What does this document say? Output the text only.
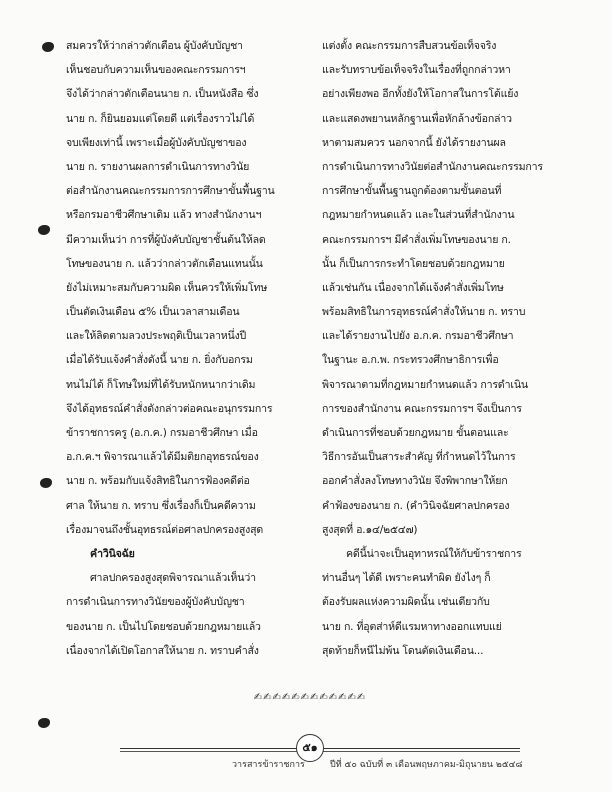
สมควรให้ว่ากล่าวตักเตือน ผู้บังคับบัญชา
เห็นชอบกับความเห็นของคณะกรรมการฯ
จึงได้ว่ากล่าวตักเตือนนาย ก. เป็นหนังสือ ซึ่ง
นาย ก. ก็ยินยอมแต่โดยดี แต่เรื่องราวไม่ได้
จบเพียงเท่านี้ เพราะเมื่อผู้บังคับบัญชาของ
นาย ก. รายงานผลการดำเนินการทางวินัย
ต่อสำนักงานคณะกรรมการการศึกษาขั้นพื้นฐาน
หรือกรมอาชีวศึกษาเดิม แล้ว ทางสำนักงานฯ
มีความเห็นว่า การที่ผู้บังคับบัญชาชั้นต้นให้ลด
โทษของนาย ก. แล้วว่ากล่าวตักเตือนแทนนั้น
ยังไม่เหมาะสมกับความผิด เห็นควรให้เพิ่มโทษ
เป็นตัดเงินเดือน ๕% เป็นเวลาสามเดือน
และให้ลิดตามลวงประพฤติเป็นเวลาหนึ่งปี
เมื่อได้รับแจ้งคำสั่งดังนี้ นาย ก. ยิ่งกับอกรม
ทนไม่ได้ ก็โทษใหม่ที่ได้รับหนักหนากว่าเดิม
จึงได้อุทธรณ์คำสั่งดังกล่าวต่อคณะอนุกรรมการ
ข้าราชการครู (อ.ก.ค.) กรมอาชีวศึกษา เมื่อ
อ.ก.ค.ฯ พิจารณาแล้วได้มีมติยกอุทธรณ์ของ
นาย ก. พร้อมกับแจ้งสิทธิในการฟ้องคดีต่อ
ศาล ให้นาย ก. ทราบ ซึ่งเรื่องก็เป็นคดีความ
เรื่องมาจนถึงชั้นอุทธรณ์ต่อศาลปกครองสูงสุด
คำวินิจฉัย
ศาลปกครองสูงสุดพิจารณาแล้วเห็นว่า
การดำเนินการทางวินัยของผู้บังคับบัญชา
ของนาย ก. เป็นไปโดยชอบด้วยกฎหมายแล้ว
เนื่องจากได้เปิดโอกาสให้นาย ก. ทราบคำสั่ง
แต่งตั้ง คณะกรรมการสืบสวนข้อเท็จจริง
และรับทราบข้อเท็จจริงในเรื่องที่ถูกกล่าวหา
อย่างเพียงพอ อีกทั้งยังให้โอกาสในการโต้แย้ง
และแสดงพยานหลักฐานเพื่อหักล้างข้อกล่าว
หาตามสมควร นอกจากนี้ ยังได้รายงานผล
การดำเนินการทางวินัยต่อสำนักงานคณะกรรมการ
การศึกษาขั้นพื้นฐานถูกต้องตามขั้นตอนที่
กฎหมายกำหนดแล้ว และในส่วนที่สำนักงาน
คณะกรรมการฯ มีคำสั่งเพิ่มโทษของนาย ก.
นั้น ก็เป็นการกระทำโดยชอบด้วยกฎหมาย
แล้วเช่นกัน เนื่องจากได้แจ้งคำสั่งเพิ่มโทษ
พร้อมสิทธิในการอุทธรณ์คำสั่งให้นาย ก. ทราบ
และได้รายงานไปยัง อ.ก.ค. กรมอาชีวศึกษา
ในฐานะ อ.ก.พ. กระทรวงศึกษาธิการเพื่อ
พิจารณาตามที่กฎหมายกำหนดแล้ว การดำเนิน
การของสำนักงาน คณะกรรมการฯ จึงเป็นการ
ดำเนินการที่ชอบด้วยกฎหมาย ขั้นตอนและ
วิธีการอันเป็นสาระสำคัญ ที่กำหนดไว้ในการ
ออกคำสั่งลงโทษทางวินัย จึงพิพากษาให้ยก
คำฟ้องของนาย ก. (คำวินิจฉัยศาลปกครอง
สูงสุดที่ อ.๑๔/๒๕๔๗)
คดีนี้น่าจะเป็นอุทาหรณ์ให้กับข้าราชการ
ท่านอื่นๆ ได้ดี เพราะคนทำผิด ยังไงๆ ก็
ต้องรับผลแห่งความผิดนั้น เช่นเดียวกับ
นาย ก. ที่อุตส่าห์ดีแรมหาทางออกแทบแย่
สุดท้ายก็หนีไม่พ้น โดนตัดเงินเดือน...
✍✍✍✍✍✍✍✍✍✍✍✍
๕๑
วารสารข้าราชการ	ปีที่ ๕๐ ฉบับที่ ๓ เดือนพฤษภาคม-มิถุนายน ๒๕๔๘
